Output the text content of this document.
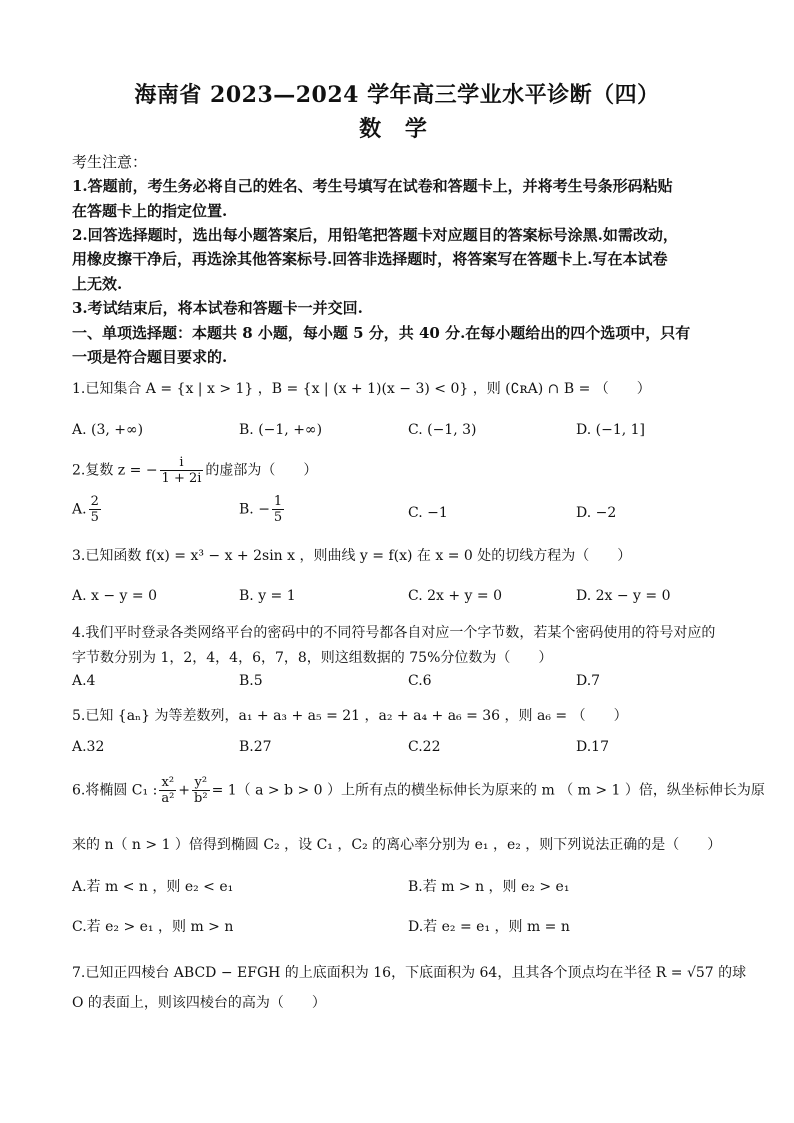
海南省 2023—2024 学年高三学业水平诊断（四）
数 学
考生注意：
1.答题前，考生务必将自己的姓名、考生号填写在试卷和答题卡上，并将考生号条形码粘贴
在答题卡上的指定位置.
2.回答选择题时，选出每小题答案后，用铅笔把答题卡对应题目的答案标号涂黑.如需改动，
用橡皮擦干净后，再选涂其他答案标号.回答非选择题时，将答案写在答题卡上.写在本试卷
上无效.
3.考试结束后，将本试卷和答题卡一并交回.
一、单项选择题：本题共 8 小题，每小题 5 分，共 40 分.在每小题给出的四个选项中，只有
一项是符合题目要求的.
1.已知集合 A = {x | x > 1} ，B = {x | (x + 1)(x − 3) < 0} ，则 (∁ʀA) ∩ B = （　　）
A. (3, +∞)	B. (−1, +∞)	C. (−1, 3)	D. (−1, 1]
2.复数 z = − $\frac{i}{1 + 2i}$ 的虚部为（　　）
A. $\frac{2}{5}$	B. − $\frac{1}{5}$	C. −1	D. −2
3.已知函数 f(x) = x³ − x + 2sin x ，则曲线 y = f(x) 在 x = 0 处的切线方程为（　　）
A. x − y = 0	B. y = 1	C. 2x + y = 0	D. 2x − y = 0
4.我们平时登录各类网络平台的密码中的不同符号都各自对应一个字节数，若某个密码使用的符号对应的
字节数分别为 1，2，4，4，6，7，8，则这组数据的 75%分位数为（　　）
A.4	B.5	C.6	D.7
5.已知 {aₙ} 为等差数列，a₁ + a₃ + a₅ = 21 ，a₂ + a₄ + a₆ = 36 ，则 a₆ = （　　）
A.32	B.27	C.22	D.17
6.将椭圆 C₁ : $\frac{\text{x²}}{\text{a²}} + \frac{\text{y²}}{\text{b²}} = 1$（ a > b > 0 ）上所有点的横坐标伸长为原来的 m （ m > 1 ）倍，纵坐标伸长为原
来的 n（ n > 1 ）倍得到椭圆 C₂ ，设 C₁ ，C₂ 的离心率分别为 e₁ ，e₂ ，则下列说法正确的是（　　）
A.若 m < n ，则 e₂ < e₁	B.若 m > n ，则 e₂ > e₁
C.若 e₂ > e₁ ，则 m > n	D.若 e₂ = e₁ ，则 m = n
7.已知正四棱台 ABCD − EFGH 的上底面积为 16，下底面积为 64，且其各个顶点均在半径 R = √57 的球
O 的表面上，则该四棱台的高为（　　）
